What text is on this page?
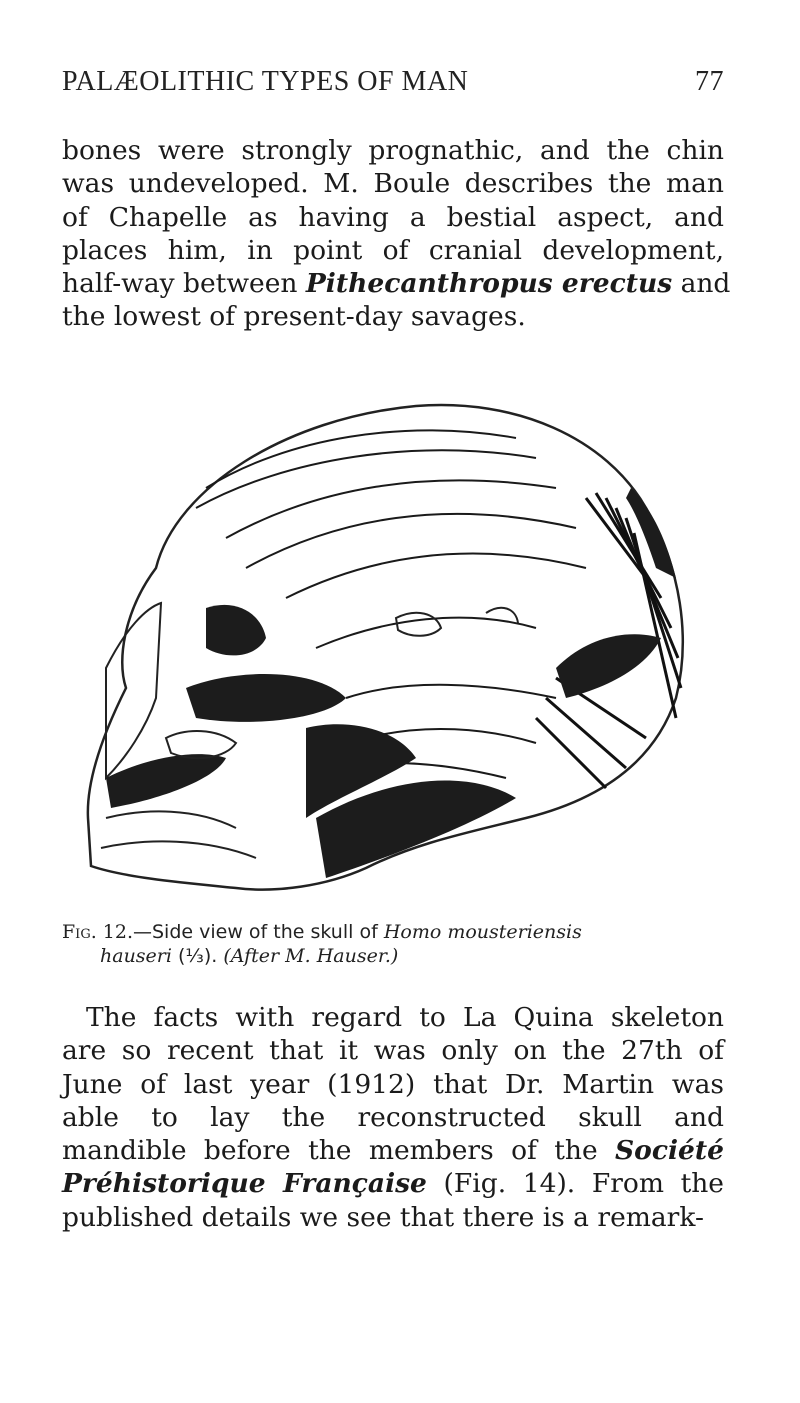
PALÆOLITHIC TYPES OF MAN	77

bones were strongly prognathic, and the chin
was undeveloped. M. Boule describes the man
of Chapelle as having a bestial aspect, and
places him, in point of cranial development,
half-way between Pithecanthropus erectus and
the lowest of present-day savages.

Fig. 12.—Side view of the skull of Homo mousteriensis
hauseri (⅓). (After M. Hauser.)

The facts with regard to La Quina skeleton
are so recent that it was only on the 27th of
June of last year (1912) that Dr. Martin was
able to lay the reconstructed skull and
mandible before the members of the Société
Préhistorique Française (Fig. 14). From the
published details we see that there is a remark-
